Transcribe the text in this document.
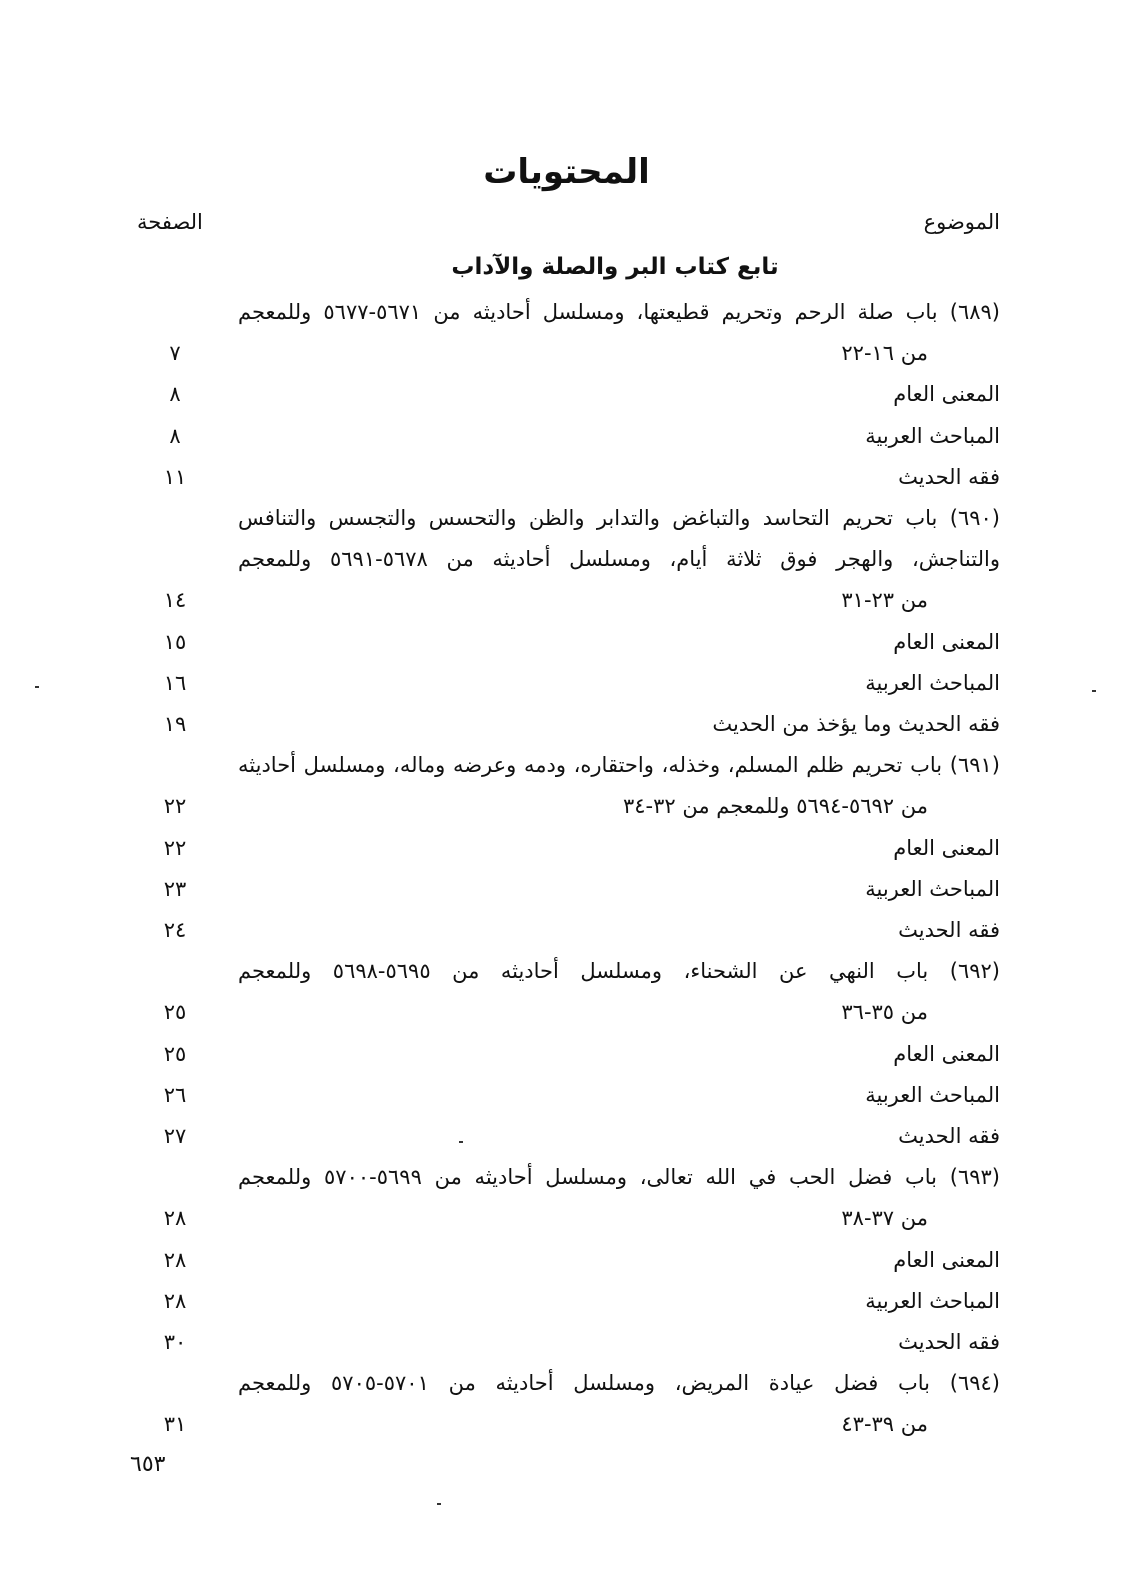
المحتويات
الموضوع
الصفحة
تابع كتاب البر والصلة والآداب
(٦٨٩) باب صلة الرحم وتحريم قطيعتها، ومسلسل أحاديثه من ٥٦٧١-٥٦٧٧ وللمعجم
من ١٦-٢٢
٧
المعنى العام
٨
المباحث العربية
٨
فقه الحديث
١١
(٦٩٠) باب تحريم التحاسد والتباغض والتدابر والظن والتحسس والتجسس والتنافس
والتناجش، والهجر فوق ثلاثة أيام، ومسلسل أحاديثه من ٥٦٧٨-٥٦٩١ وللمعجم
من ٢٣-٣١
١٤
المعنى العام
١٥
المباحث العربية
١٦
فقه الحديث وما يؤخذ من الحديث
١٩
(٦٩١) باب تحريم ظلم المسلم، وخذله، واحتقاره، ودمه وعرضه وماله، ومسلسل أحاديثه
من ٥٦٩٢-٥٦٩٤ وللمعجم من ٣٢-٣٤
٢٢
المعنى العام
٢٢
المباحث العربية
٢٣
فقه الحديث
٢٤
(٦٩٢) باب النهي عن الشحناء، ومسلسل أحاديثه من ٥٦٩٥-٥٦٩٨ وللمعجم
من ٣٥-٣٦
٢٥
المعنى العام
٢٥
المباحث العربية
٢٦
فقه الحديث
٢٧
(٦٩٣) باب فضل الحب في الله تعالى، ومسلسل أحاديثه من ٥٦٩٩-٥٧٠٠ وللمعجم
من ٣٧-٣٨
٢٨
المعنى العام
٢٨
المباحث العربية
٢٨
فقه الحديث
٣٠
(٦٩٤) باب فضل عيادة المريض، ومسلسل أحاديثه من ٥٧٠١-٥٧٠٥ وللمعجم
من ٣٩-٤٣
٣١
٦٥٣
